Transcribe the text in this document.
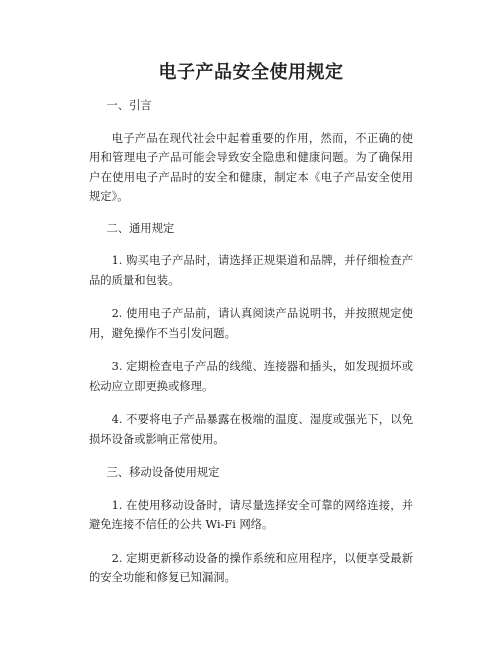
电子产品安全使用规定

一、引言

电子产品在现代社会中起着重要的作用，然而，不正确的使用和管理电子产品可能会导致安全隐患和健康问题。为了确保用户在使用电子产品时的安全和健康，制定本《电子产品安全使用规定》。

二、通用规定

1. 购买电子产品时，请选择正规渠道和品牌，并仔细检查产品的质量和包装。

2. 使用电子产品前，请认真阅读产品说明书，并按照规定使用，避免操作不当引发问题。

3. 定期检查电子产品的线缆、连接器和插头，如发现损坏或松动应立即更换或修理。

4. 不要将电子产品暴露在极端的温度、湿度或强光下，以免损坏设备或影响正常使用。

三、移动设备使用规定

1. 在使用移动设备时，请尽量选择安全可靠的网络连接，并避免连接不信任的公共 Wi-Fi 网络。

2. 定期更新移动设备的操作系统和应用程序，以便享受最新的安全功能和修复已知漏洞。
